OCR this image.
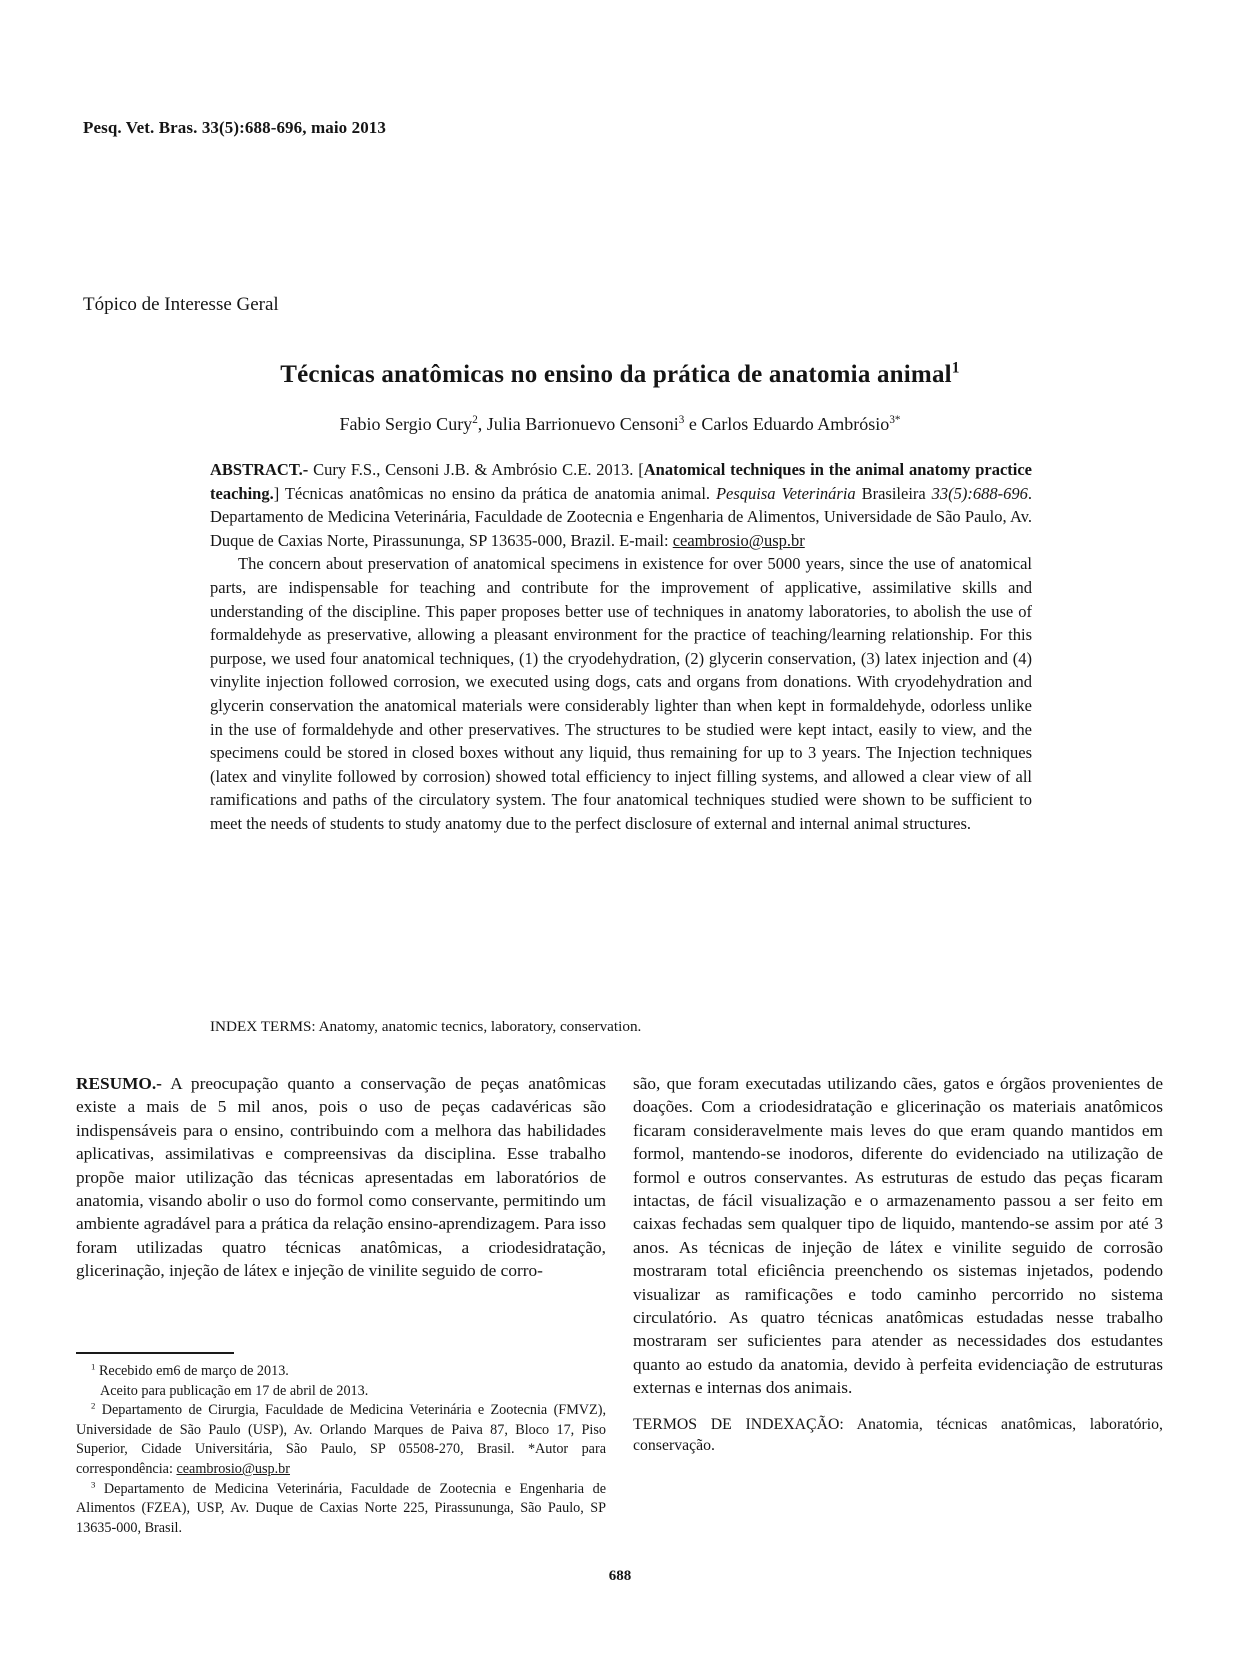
Pesq. Vet. Bras. 33(5):688-696, maio 2013
Tópico de Interesse Geral
Técnicas anatômicas no ensino da prática de anatomia animal$^1$
Fabio Sergio Cury$^2$, Julia Barrionuevo Censoni$^3$ e Carlos Eduardo Ambrósio$^{3*}$

ABSTRACT.- Cury F.S., Censoni J.B. & Ambrósio C.E. 2013. [Anatomical techniques in the animal anatomy practice teaching.] Técnicas anatômicas no ensino da prática de anatomia animal. Pesquisa Veterinária Brasileira 33(5):688-696. Departamento de Medicina Veterinária, Faculdade de Zootecnia e Engenharia de Alimentos, Universidade de São Paulo, Av. Duque de Caxias Norte, Pirassununga, SP 13635-000, Brazil. E-mail: ceambrosio@usp.br

The concern about preservation of anatomical specimens in existence for over 5000 years, since the use of anatomical parts, are indispensable for teaching and contribute for the improvement of applicative, assimilative skills and understanding of the discipline. This paper proposes better use of techniques in anatomy laboratories, to abolish the use of formaldehyde as preservative, allowing a pleasant environment for the practice of teaching/learning relationship. For this purpose, we used four anatomical techniques, (1) the cryodehydration, (2) glycerin conservation, (3) latex injection and (4) vinylite injection followed corrosion, we executed using dogs, cats and organs from donations. With cryodehydration and glycerin conservation the anatomical materials were considerably lighter than when kept in formaldehyde, odorless unlike in the use of formaldehyde and other preservatives. The structures to be studied were kept intact, easily to view, and the specimens could be stored in closed boxes without any liquid, thus remaining for up to 3 years. The Injection techniques (latex and vinylite followed by corrosion) showed total efficiency to inject filling systems, and allowed a clear view of all ramifications and paths of the circulatory system. The four anatomical techniques studied were shown to be sufficient to meet the needs of students to study anatomy due to the perfect disclosure of external and internal animal structures.

INDEX TERMS: Anatomy, anatomic tecnics, laboratory, conservation.

RESUMO.- A preocupação quanto a conservação de peças anatômicas existe a mais de 5 mil anos, pois o uso de peças cadavéricas são indispensáveis para o ensino, contribuindo com a melhora das habilidades aplicativas, assimilativas e compreensivas da disciplina. Esse trabalho propõe maior utilização das técnicas apresentadas em laboratórios de anatomia, visando abolir o uso do formol como conservante, permitindo um ambiente agradável para a prática da relação ensino-aprendizagem. Para isso foram utilizadas quatro técnicas anatômicas, a criodesidratação, glicerinação, injeção de látex e injeção de vinilite seguido de corro-

$^1$ Recebido em6 de março de 2013.

Aceito para publicação em 17 de abril de 2013.

$^2$ Departamento de Cirurgia, Faculdade de Medicina Veterinária e Zootecnia (FMVZ), Universidade de São Paulo (USP), Av. Orlando Marques de Paiva 87, Bloco 17, Piso Superior, Cidade Universitária, São Paulo, SP 05508-270, Brasil. *Autor para correspondência: ceambrosio@usp.br

$^3$ Departamento de Medicina Veterinária, Faculdade de Zootecnia e Engenharia de Alimentos (FZEA), USP, Av. Duque de Caxias Norte 225, Pirassununga, São Paulo, SP 13635-000, Brasil.

são, que foram executadas utilizando cães, gatos e órgãos provenientes de doações. Com a criodesidratação e glicerinação os materiais anatômicos ficaram consideravelmente mais leves do que eram quando mantidos em formol, mantendo-se inodoros, diferente do evidenciado na utilização de formol e outros conservantes. As estruturas de estudo das peças ficaram intactas, de fácil visualização e o armazenamento passou a ser feito em caixas fechadas sem qualquer tipo de liquido, mantendo-se assim por até 3 anos. As técnicas de injeção de látex e vinilite seguido de corrosão mostraram total eficiência preenchendo os sistemas injetados, podendo visualizar as ramificações e todo caminho percorrido no sistema circulatório. As quatro técnicas anatômicas estudadas nesse trabalho mostraram ser suficientes para atender as necessidades dos estudantes quanto ao estudo da anatomia, devido à perfeita evidenciação de estruturas externas e internas dos animais.

TERMOS DE INDEXAÇÃO: Anatomia, técnicas anatômicas, laboratório, conservação.

688
